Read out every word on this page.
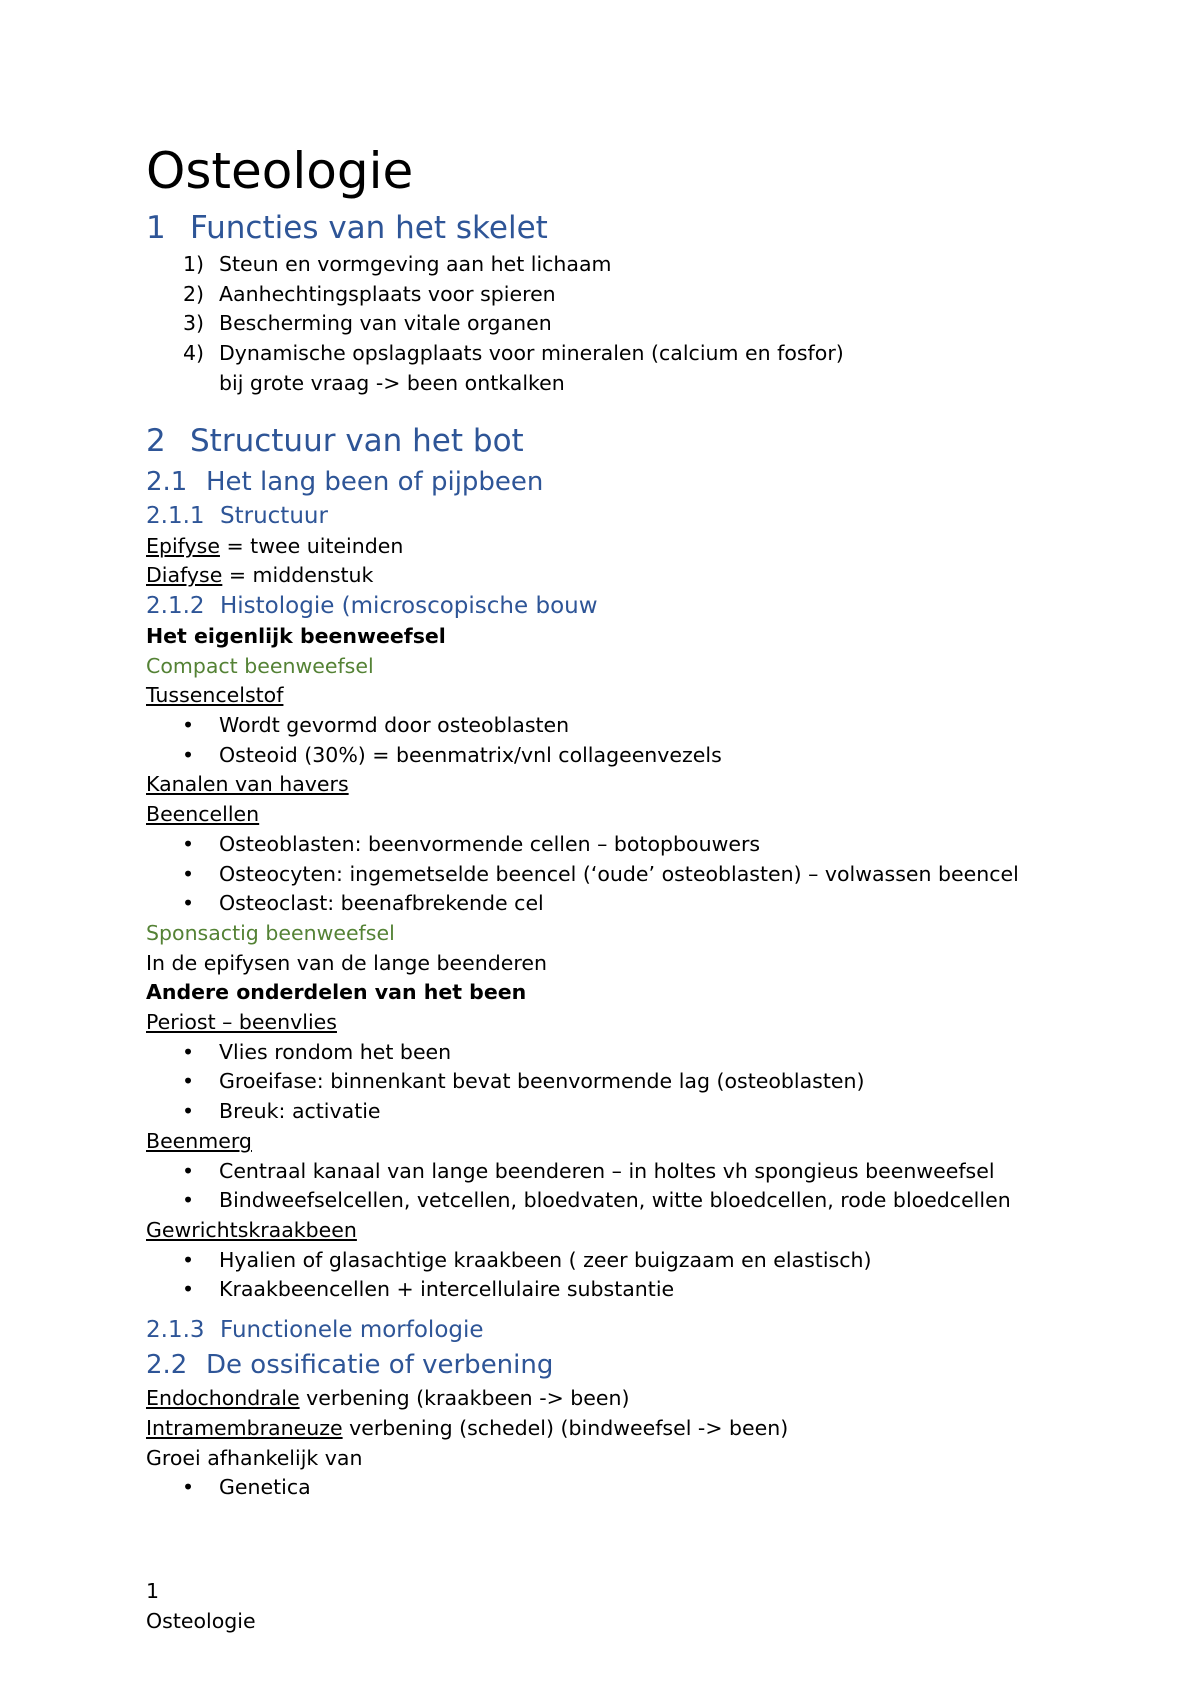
Osteologie
1 Functies van het skelet
1) Steun en vormgeving aan het lichaam
2) Aanhechtingsplaats voor spieren
3) Bescherming van vitale organen
4) Dynamische opslagplaats voor mineralen (calcium en fosfor)
bij grote vraag -> been ontkalken
2 Structuur van het bot
2.1 Het lang been of pijpbeen
2.1.1 Structuur
Epifyse = twee uiteinden
Diafyse = middenstuk
2.1.2 Histologie (microscopische bouw
Het eigenlijk beenweefsel
Compact beenweefsel
Tussencelstof
• Wordt gevormd door osteoblasten
• Osteoid (30%) = beenmatrix/vnl collageenvezels
Kanalen van havers
Beencellen
• Osteoblasten: beenvormende cellen – botopbouwers
• Osteocyten: ingemetselde beencel (‘oude’ osteoblasten) – volwassen beencel
• Osteoclast: beenafbrekende cel
Sponsactig beenweefsel
In de epifysen van de lange beenderen
Andere onderdelen van het been
Periost – beenvlies
• Vlies rondom het been
• Groeifase: binnenkant bevat beenvormende lag (osteoblasten)
• Breuk: activatie
Beenmerg
• Centraal kanaal van lange beenderen – in holtes vh spongieus beenweefsel
• Bindweefselcellen, vetcellen, bloedvaten, witte bloedcellen, rode bloedcellen
Gewrichtskraakbeen
• Hyalien of glasachtige kraakbeen ( zeer buigzaam en elastisch)
• Kraakbeencellen + intercellulaire substantie
2.1.3 Functionele morfologie
2.2 De ossificatie of verbening
Endochondrale verbening (kraakbeen -> been)
Intramembraneuze verbening (schedel) (bindweefsel -> been)
Groei afhankelijk van
• Genetica
1
Osteologie
